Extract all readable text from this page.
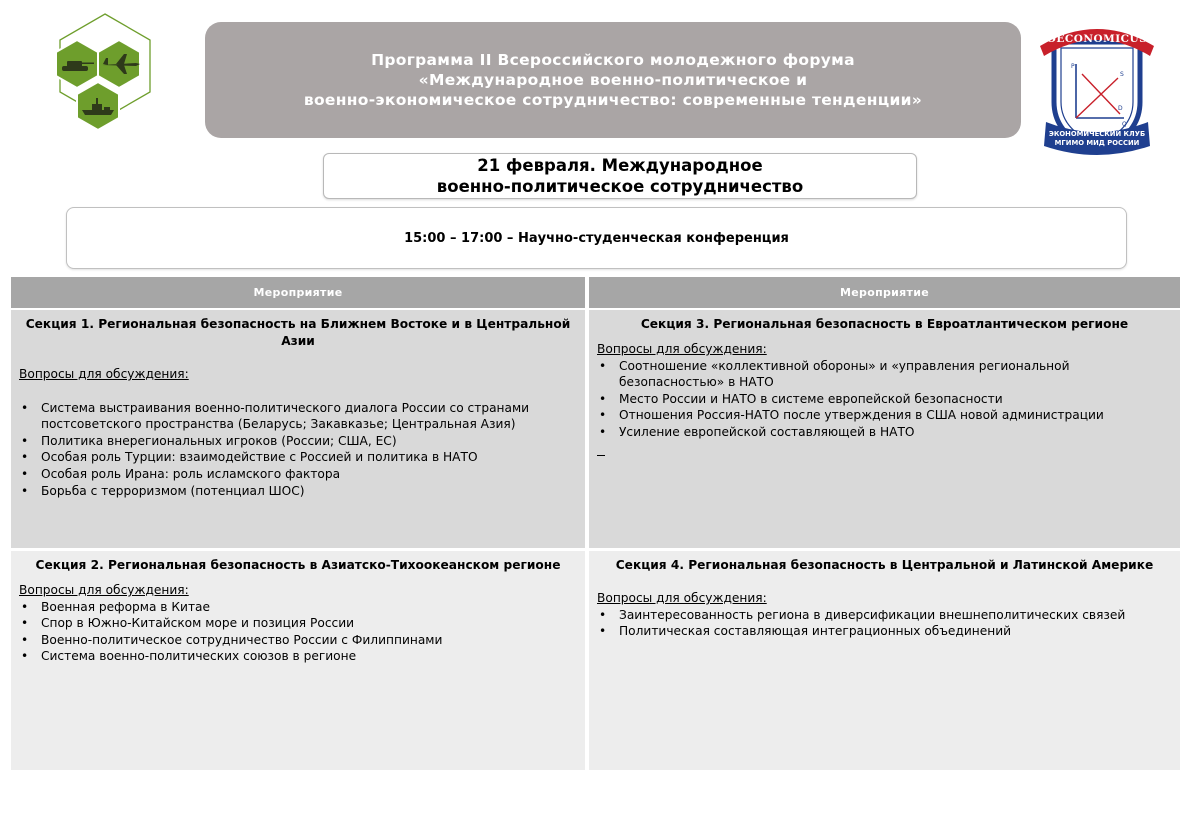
Программа II Всероссийского молодежного форума
«Международное военно-политическое и
военно-экономическое сотрудничество: современные тенденции»
P
S
D
Q
OECONOMICUS
ЭКОНОМИЧЕСКИЙ КЛУБ
МГИМО МИД РОССИИ
21 февраля. Международное
военно-политическое сотрудничество
15:00 – 17:00 – Научно-студенческая конференция
Мероприятие	Мероприятие
Секция 1. Региональная безопасность на Ближнем Востоке и в Центральной Азии
Вопросы для обсуждения:
• Система выстраивания военно-политического диалога России со странами постсоветского пространства (Беларусь; Закавказье; Центральная Азия)
• Политика внерегиональных игроков (России; США, ЕС)
• Особая роль Турции: взаимодействие с Россией и политика в НАТО
• Особая роль Ирана: роль исламского фактора
• Борьба с терроризмом (потенциал ШОС)
Секция 3. Региональная безопасность в Евроатлантическом регионе
Вопросы для обсуждения:
• Соотношение «коллективной обороны» и «управления региональной безопасностью» в НАТО
• Место России и НАТО в системе европейской безопасности
• Отношения Россия-НАТО после утверждения в США новой администрации
• Усиление европейской составляющей в НАТО
Секция 2. Региональная безопасность в Азиатско-Тихоокеанском регионе
Вопросы для обсуждения:
• Военная реформа в Китае
• Спор в Южно-Китайском море и позиция России
• Военно-политическое сотрудничество России с Филиппинами
• Система военно-политических союзов в регионе
Секция 4. Региональная безопасность в Центральной и Латинской Америке
Вопросы для обсуждения:
• Заинтересованность региона в диверсификации внешнеполитических связей
• Политическая составляющая интеграционных объединений
